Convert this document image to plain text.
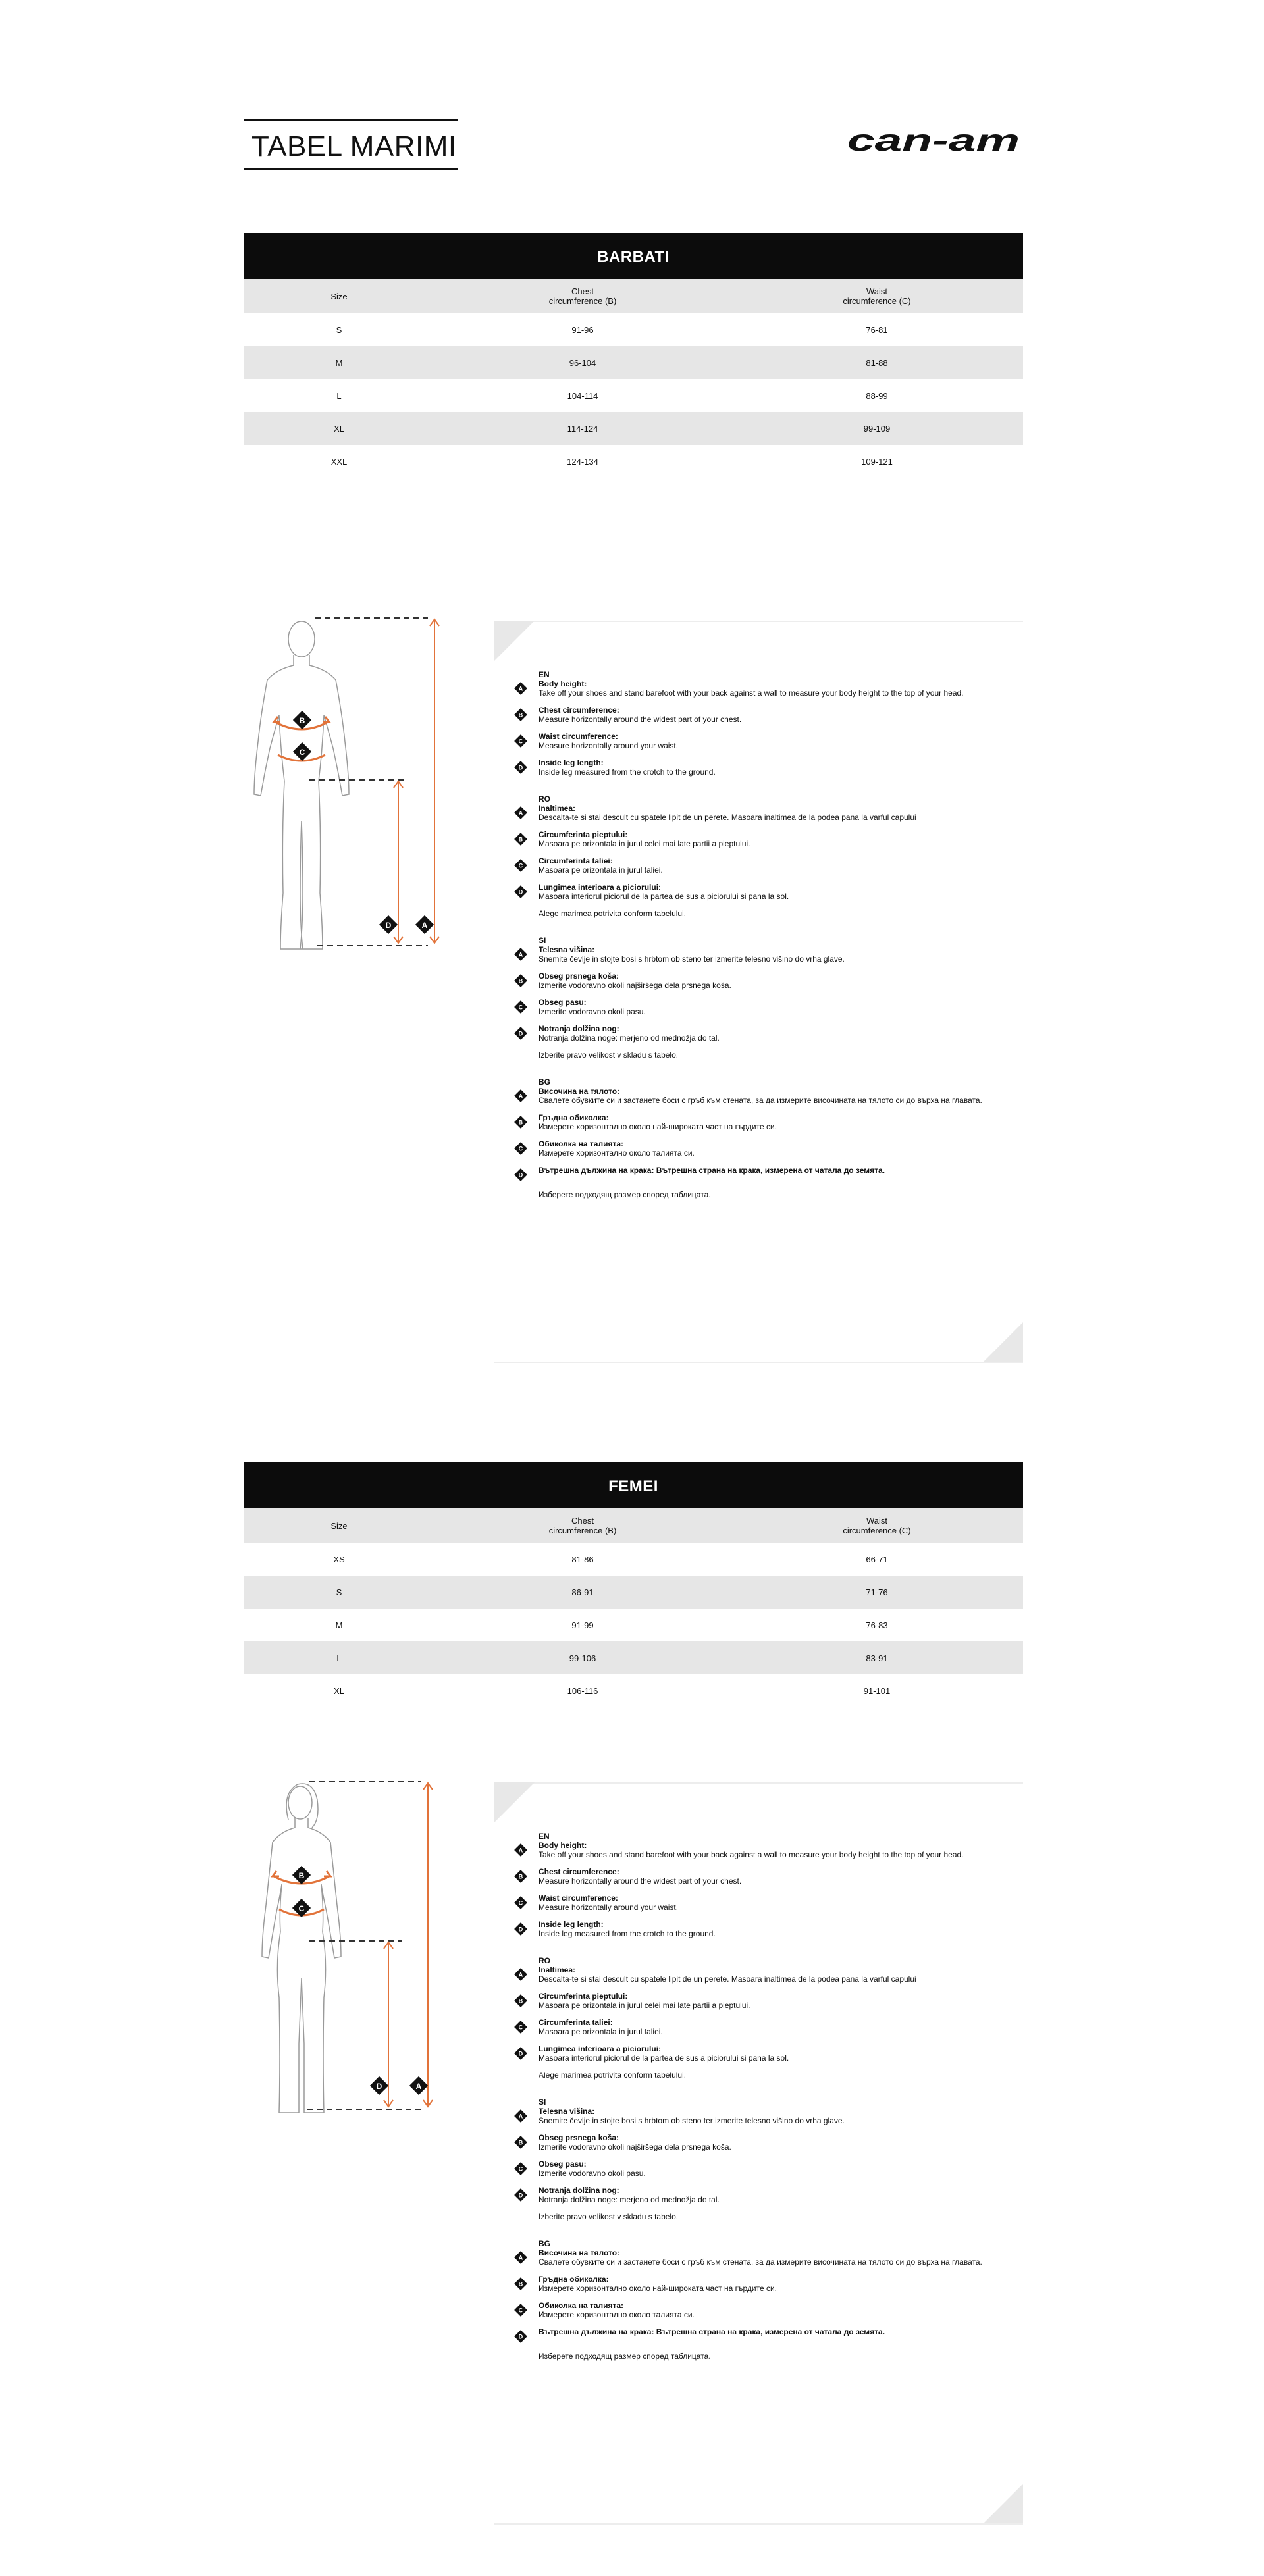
TABEL MARIMI	can-am
BARBATI
Size	Chest
circumference (B)
Waist
circumference (C)
S	91-96	76-81
M	96-104	81-88
L	104-114	88-99
XL	114-124	99-109
XXL	124-134	109-121
B
C
D	A
EN
A
Body height:
Take off your shoes and stand barefoot with your back against a wall to measure your body height to the top of your head.
B
Chest circumference:
Measure horizontally around the widest part of your chest.
C
Waist circumference:
Measure horizontally around your waist.
D
Inside leg length:
Inside leg measured from the crotch to the ground.
RO
A
Inaltimea:
Descalta-te si stai descult cu spatele lipit de un perete. Masoara inaltimea de la podea pana la varful capului
B
Circumferinta pieptului:
Masoara pe orizontala in jurul celei mai late partii a pieptului.
C
Circumferinta taliei:
Masoara pe orizontala in jurul taliei.
D
Lungimea interioara a piciorului:
Masoara interiorul piciorul de la partea de sus a piciorului si pana la sol.
Alege marimea potrivita conform tabelului.
SI
A
Telesna višina:
Snemite čevlje in stojte bosi s hrbtom ob steno ter izmerite telesno višino do vrha glave.
B
Obseg prsnega koša:
Izmerite vodoravno okoli najširšega dela prsnega koša.
C
Obseg pasu:
Izmerite vodoravno okoli pasu.
D
Notranja dolžina nog:
Notranja dolžina noge: merjeno od mednožja do tal.
Izberite pravo velikost v skladu s tabelo.
BG
A
Височина на тялото:
Свалете обувките си и застанете боси с гръб към стената, за да измерите височината на тялото си до върха на главата.
B
Гръдна обиколка:
Измерете хоризонтално около най-широката част на гърдите си.
C
Обиколка на талията:
Измерете хоризонтално около талията си.
D
Вътрешна дължина на крака: Вътрешна страна на крака, измерена от чатала до земята.
Изберете подходящ размер според таблицата.
FEMEI
Size	Chest
circumference (B)
Waist
circumference (C)
XS	81-86	66-71
S	86-91	71-76
M	91-99	76-83
L	99-106	83-91
XL	106-116	91-101
B
C
D	A
EN
A
Body height:
Take off your shoes and stand barefoot with your back against a wall to measure your body height to the top of your head.
B
Chest circumference:
Measure horizontally around the widest part of your chest.
C
Waist circumference:
Measure horizontally around your waist.
D
Inside leg length:
Inside leg measured from the crotch to the ground.
RO
A
Inaltimea:
Descalta-te si stai descult cu spatele lipit de un perete. Masoara inaltimea de la podea pana la varful capului
B
Circumferinta pieptului:
Masoara pe orizontala in jurul celei mai late partii a pieptului.
C
Circumferinta taliei:
Masoara pe orizontala in jurul taliei.
D
Lungimea interioara a piciorului:
Masoara interiorul piciorul de la partea de sus a piciorului si pana la sol.
Alege marimea potrivita conform tabelului.
SI
A
Telesna višina:
Snemite čevlje in stojte bosi s hrbtom ob steno ter izmerite telesno višino do vrha glave.
B
Obseg prsnega koša:
Izmerite vodoravno okoli najširšega dela prsnega koša.
C
Obseg pasu:
Izmerite vodoravno okoli pasu.
D
Notranja dolžina nog:
Notranja dolžina noge: merjeno od mednožja do tal.
Izberite pravo velikost v skladu s tabelo.
BG
A
Височина на тялото:
Свалете обувките си и застанете боси с гръб към стената, за да измерите височината на тялото си до върха на главата.
B
Гръдна обиколка:
Измерете хоризонтално около най-широката част на гърдите си.
C
Обиколка на талията:
Измерете хоризонтално около талията си.
D
Вътрешна дължина на крака: Вътрешна страна на крака, измерена от чатала до земята.
Изберете подходящ размер според таблицата.
